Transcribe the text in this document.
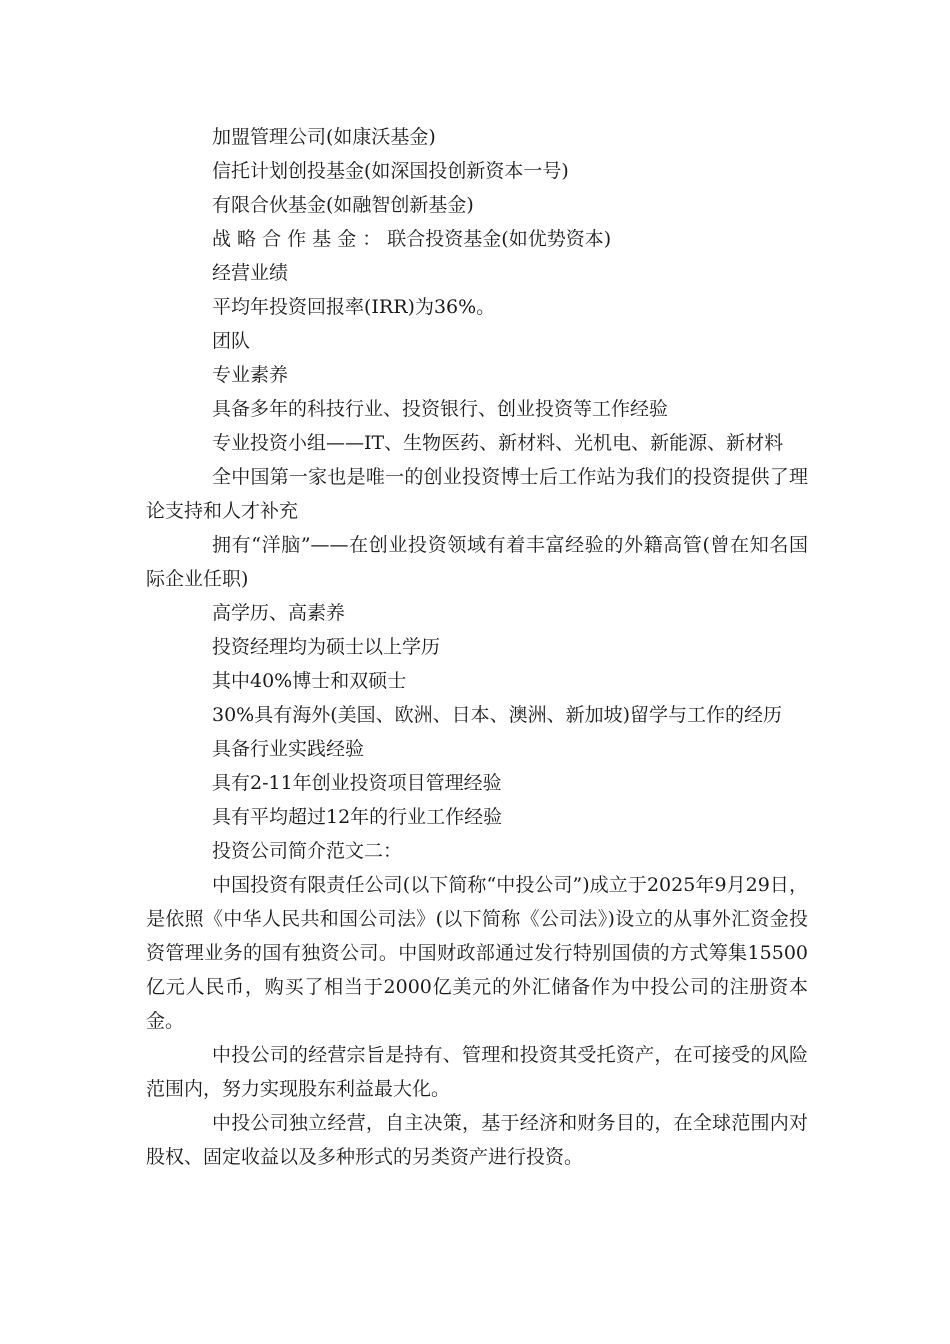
加盟管理公司(如康沃基金)

信托计划创投基金(如深国投创新资本一号)

有限合伙基金(如融智创新基金)

战 略 合 作 基 金 ： 联合投资基金(如优势资本)

经营业绩

平均年投资回报率(IRR)为36%。

团队

专业素养

具备多年的科技行业、投资银行、创业投资等工作经验

专业投资小组——IT、生物医药、新材料、光机电、新能源、新材料

全中国第一家也是唯一的创业投资博士后工作站为我们的投资提供了理论支持和人才补充

拥有“洋脑”——在创业投资领域有着丰富经验的外籍高管(曾在知名国际企业任职)

高学历、高素养

投资经理均为硕士以上学历

其中40%博士和双硕士

30%具有海外(美国、欧洲、日本、澳洲、新加坡)留学与工作的经历

具备行业实践经验

具有2-11年创业投资项目管理经验

具有平均超过12年的行业工作经验

投资公司简介范文二：

中国投资有限责任公司(以下简称“中投公司”)成立于2025年9月29日，是依照《中华人民共和国公司法》(以下简称《公司法》)设立的从事外汇资金投资管理业务的国有独资公司。中国财政部通过发行特别国债的方式筹集15500亿元人民币，购买了相当于2000亿美元的外汇储备作为中投公司的注册资本金。

中投公司的经营宗旨是持有、管理和投资其受托资产，在可接受的风险范围内，努力实现股东利益最大化。

中投公司独立经营，自主决策，基于经济和财务目的，在全球范围内对股权、固定收益以及多种形式的另类资产进行投资。
